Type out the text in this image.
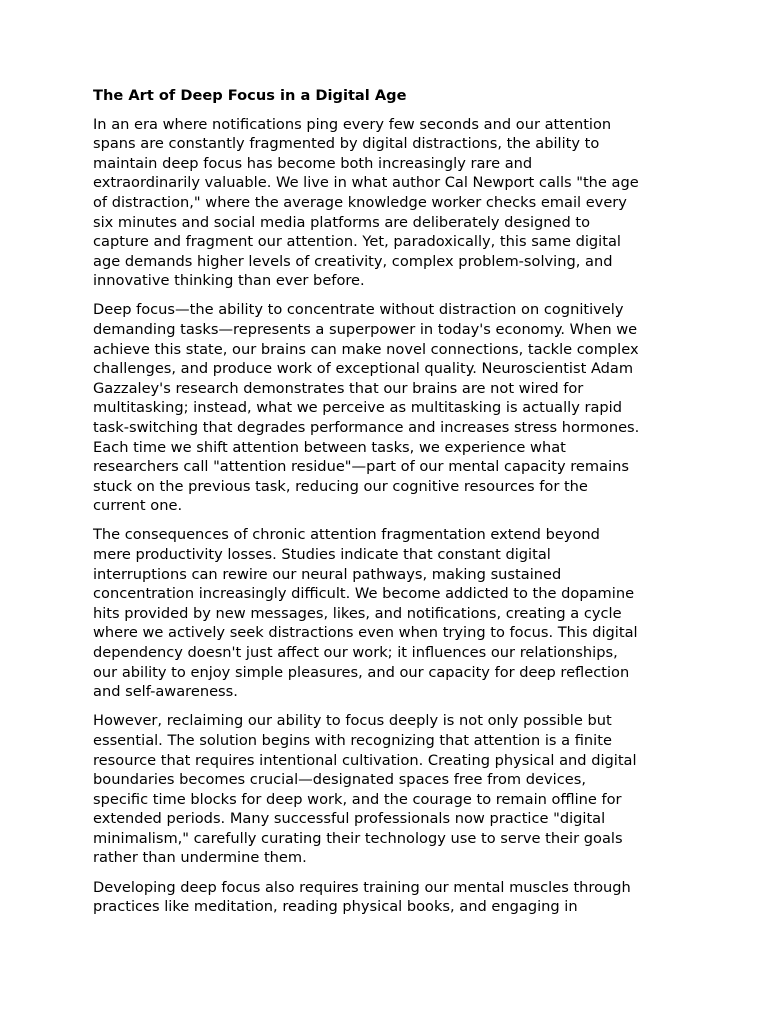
The Art of Deep Focus in a Digital Age
In an era where notifications ping every few seconds and our attention
spans are constantly fragmented by digital distractions, the ability to
maintain deep focus has become both increasingly rare and
extraordinarily valuable. We live in what author Cal Newport calls "the age
of distraction," where the average knowledge worker checks email every
six minutes and social media platforms are deliberately designed to
capture and fragment our attention. Yet, paradoxically, this same digital
age demands higher levels of creativity, complex problem-solving, and
innovative thinking than ever before.
Deep focus—the ability to concentrate without distraction on cognitively
demanding tasks—represents a superpower in today's economy. When we
achieve this state, our brains can make novel connections, tackle complex
challenges, and produce work of exceptional quality. Neuroscientist Adam
Gazzaley's research demonstrates that our brains are not wired for
multitasking; instead, what we perceive as multitasking is actually rapid
task-switching that degrades performance and increases stress hormones.
Each time we shift attention between tasks, we experience what
researchers call "attention residue"—part of our mental capacity remains
stuck on the previous task, reducing our cognitive resources for the
current one.
The consequences of chronic attention fragmentation extend beyond
mere productivity losses. Studies indicate that constant digital
interruptions can rewire our neural pathways, making sustained
concentration increasingly difficult. We become addicted to the dopamine
hits provided by new messages, likes, and notifications, creating a cycle
where we actively seek distractions even when trying to focus. This digital
dependency doesn't just affect our work; it influences our relationships,
our ability to enjoy simple pleasures, and our capacity for deep reflection
and self-awareness.
However, reclaiming our ability to focus deeply is not only possible but
essential. The solution begins with recognizing that attention is a finite
resource that requires intentional cultivation. Creating physical and digital
boundaries becomes crucial—designated spaces free from devices,
specific time blocks for deep work, and the courage to remain offline for
extended periods. Many successful professionals now practice "digital
minimalism," carefully curating their technology use to serve their goals
rather than undermine them.
Developing deep focus also requires training our mental muscles through
practices like meditation, reading physical books, and engaging in
